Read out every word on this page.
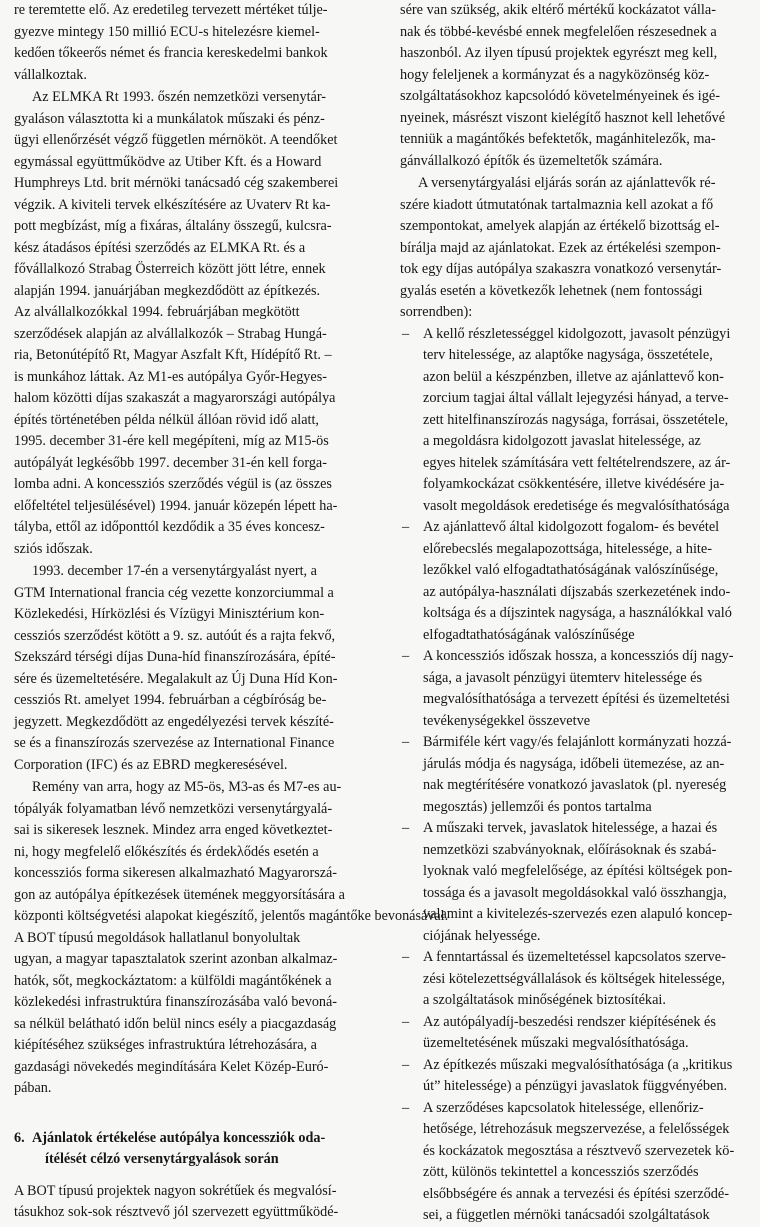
re teremtette elő. Az eredetileg tervezett mértéket túlje-
gyezve mintegy 150 millió ECU-s hitelezésre kiemel-
kedően tőkeerős német és francia kereskedelmi bankok
vállalkoztak.
Az ELMKA Rt 1993. őszén nemzetközi versenytár-
gyaláson választotta ki a munkálatok műszaki és pénz-
ügyi ellenőrzését végző független mérnököt. A teendőket
egymással együttműködve az Utiber Kft. és a Howard
Humphreys Ltd. brit mérnöki tanácsadó cég szakemberei
végzik. A kiviteli tervek elkészítésére az Uvaterv Rt ka-
pott megbízást, míg a fixáras, általány összegű, kulcsra-
kész átadásos építési szerződés az ELMKA Rt. és a
fővállalkozó Strabag Österreich között jött létre, ennek
alapján 1994. januárjában megkezdődött az építkezés.
Az alvállalkozókkal 1994. februárjában megkötött
szerződések alapján az alvállalkozók – Strabag Hungá-
ria, Betonútépítő Rt, Magyar Aszfalt Kft, Hídépítő Rt. –
is munkához láttak. Az M1-es autópálya Győr-Hegyes-
halom közötti díjas szakaszát a magyarországi autópálya
építés történetében példa nélkül állóan rövid idő alatt,
1995. december 31-ére kell megépíteni, míg az M15-ös
autópályát legkésőbb 1997. december 31-én kell forga-
lomba adni. A koncessziós szerződés végül is (az összes
előfeltétel teljesülésével) 1994. január közepén lépett ha-
tályba, ettől az időponttól kezdődik a 35 éves koncesz-
sziós időszak.
1993. december 17-én a versenytárgyalást nyert, a
GTM International francia cég vezette konzorciummal a
Közlekedési, Hírközlési és Vízügyi Minisztérium kon-
cessziós szerződést kötött a 9. sz. autóút és a rajta fekvő,
Szekszárd térségi díjas Duna-híd finanszírozására, építé-
sére és üzemeltetésére. Megalakult az Új Duna Híd Kon-
cessziós Rt. amelyet 1994. februárban a cégbíróság be-
jegyzett. Megkezdődött az engedélyezési tervek készíté-
se és a finanszírozás szervezése az International Finance
Corporation (IFC) és az EBRD megkeresésével.
Remény van arra, hogy az M5-ös, M3-as és M7-es au-
tópályák folyamatban lévő nemzetközi versenytárgyalá-
sai is sikeresek lesznek. Mindez arra enged következtet-
ni, hogy megfelelő előkészítés és érdekλődés esetén a
koncessziós forma sikeresen alkalmazható Magyarorszá-
gon az autópálya építkezések ütemének meggyorsítására a
központi költségvetési alapokat kiegészítő, jelentős magántőke bevonásával.
A BOT típusú megoldások hallatlanul bonyolultak
ugyan, a magyar tapasztalatok szerint azonban alkalmaz-
hatók, sőt, megkockáztatom: a külföldi magántőkének a
közlekedési infrastruktúra finanszírozásába való bevoná-
sa nélkül belátható időn belül nincs esély a piacgazdaság
kiépítéséhez szükséges infrastruktúra létrehozására, a
gazdasági növekedés megindítására Kelet Közép-Euró-
pában.
6. Ajánlatok értékelése autópálya koncessziók oda-
ítélését célzó versenytárgyalások során
A BOT típusú projektek nagyon sokrétűek és megvalósí-
tásukhoz sok-sok résztvevő jól szervezett együttműködé-
sére van szükség, akik eltérő mértékű kockázatot válla-
nak és többé-kevésbé ennek megfelelően részesednek a
haszonból. Az ilyen típusú projektek egyrészt meg kell,
hogy feleljenek a kormányzat és a nagyközönség köz-
szolgáltatásokhoz kapcsolódó követelményeinek és igé-
nyeinek, másrészt viszont kielégítő hasznot kell lehetővé
tenniük a magántőkés befektetők, magánhitelezők, ma-
gánvállalkozó építők és üzemeltetők számára.
A versenytárgyalási eljárás során az ajánlattevők ré-
szére kiadott útmutatónak tartalmaznia kell azokat a fő
szempontokat, amelyek alapján az értékelő bizottság el-
bírálja majd az ajánlatokat. Ezek az értékelési szempon-
tok egy díjas autópálya szakaszra vonatkozó versenytár-
gyalás esetén a következők lehetnek (nem fontossági
sorrendben):
– A kellő részletességgel kidolgozott, javasolt pénzügyi
terv hitelessége, az alaptőke nagysága, összetétele,
azon belül a készpénzben, illetve az ajánlattevő kon-
zorcium tagjai által vállalt lejegyzési hányad, a terve-
zett hitelfinanszírozás nagysága, forrásai, összetétele,
a megoldásra kidolgozott javaslat hitelessége, az
egyes hitelek számítására vett feltételrendszere, az ár-
folyamkockázat csökkentésére, illetve kivédésére ja-
vasolt megoldások eredetisége és megvalósíthatósága
– Az ajánlattevő által kidolgozott fogalom- és bevétel
előrebecslés megalapozottsága, hitelessége, a hite-
lezőkkel való elfogadtathatóságának valószínűsége,
az autópálya-használati díjszabás szerkezetének indo-
koltsága és a díjszintek nagysága, a használókkal való
elfogadtathatóságának valószínűsége
– A koncessziós időszak hossza, a koncessziós díj nagy-
sága, a javasolt pénzügyi ütemterv hitelessége és
megvalósíthatósága a tervezett építési és üzemeltetési
tevékenységekkel összevetve
– Bármiféle kért vagy/és felajánlott kormányzati hozzá-
járulás módja és nagysága, időbeli ütemezése, az an-
nak megtérítésére vonatkozó javaslatok (pl. nyereség
megosztás) jellemzői és pontos tartalma
– A műszaki tervek, javaslatok hitelessége, a hazai és
nemzetközi szabványoknak, előírásoknak és szabá-
lyoknak való megfelelősége, az építési költségek pon-
tossága és a javasolt megoldásokkal való összhangja,
valamint a kivitelezés-szervezés ezen alapuló koncep-
ciójának helyessége.
– A fenntartással és üzemeltetéssel kapcsolatos szerve-
zési kötelezettségvállalások és költségek hitelessége,
a szolgáltatások minőségének biztosítékai.
– Az autópályadíj-beszedési rendszer kiépítésének és
üzemeltetésének műszaki megvalósíthatósága.
– Az építkezés műszaki megvalósíthatósága (a „kritikus
út” hitelessége) a pénzügyi javaslatok függvényében.
– A szerződéses kapcsolatok hitelessége, ellenőriz-
hetősége, létrehozásuk megszervezése, a felelősségek
és kockázatok megosztása a résztvevő szervezetek kö-
zött, különös tekintettel a koncessziós szerződés
elsőbbségére és annak a tervezési és építési szerződé-
sei, a független mérnöki tanácsadói szolgáltatások
